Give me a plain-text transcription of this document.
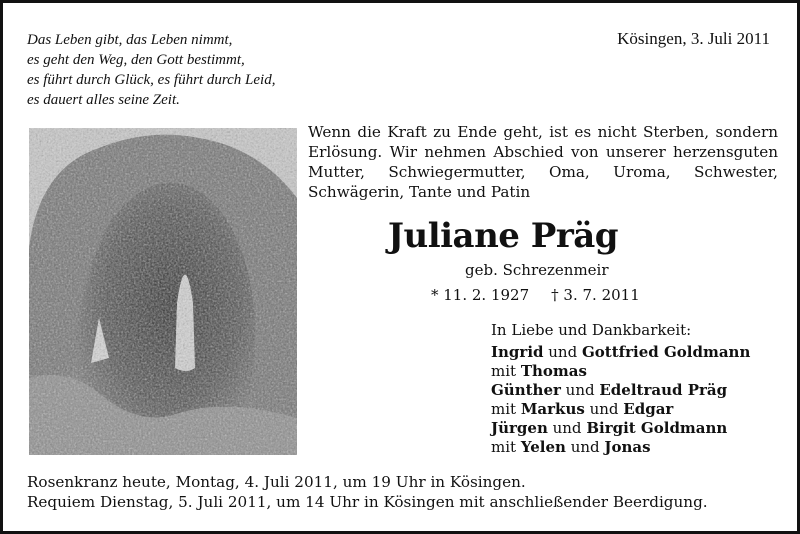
Das Leben gibt, das Leben nimmt,
es geht den Weg, den Gott bestimmt,
es führt durch Glück, es führt durch Leid,
es dauert alles seine Zeit.
Kösingen, 3. Juli 2011
Wenn die Kraft zu Ende geht, ist es nicht Sterben, sondern Erlösung. Wir nehmen Abschied von unserer herzensguten Mutter, Schwiegermutter, Oma, Uroma, Schwester, Schwägerin, Tante und Patin
Juliane Präg
geb. Schrezenmeir
* 11. 2. 1927 † 3. 7. 2011
In Liebe und Dankbarkeit:
Ingrid und Gottfried Goldmann
mit Thomas
Günther und Edeltraud Präg
mit Markus und Edgar
Jürgen und Birgit Goldmann
mit Yelen und Jonas
Rosenkranz heute, Montag, 4. Juli 2011, um 19 Uhr in Kösingen.
Requiem Dienstag, 5. Juli 2011, um 14 Uhr in Kösingen mit anschließender Beerdigung.
